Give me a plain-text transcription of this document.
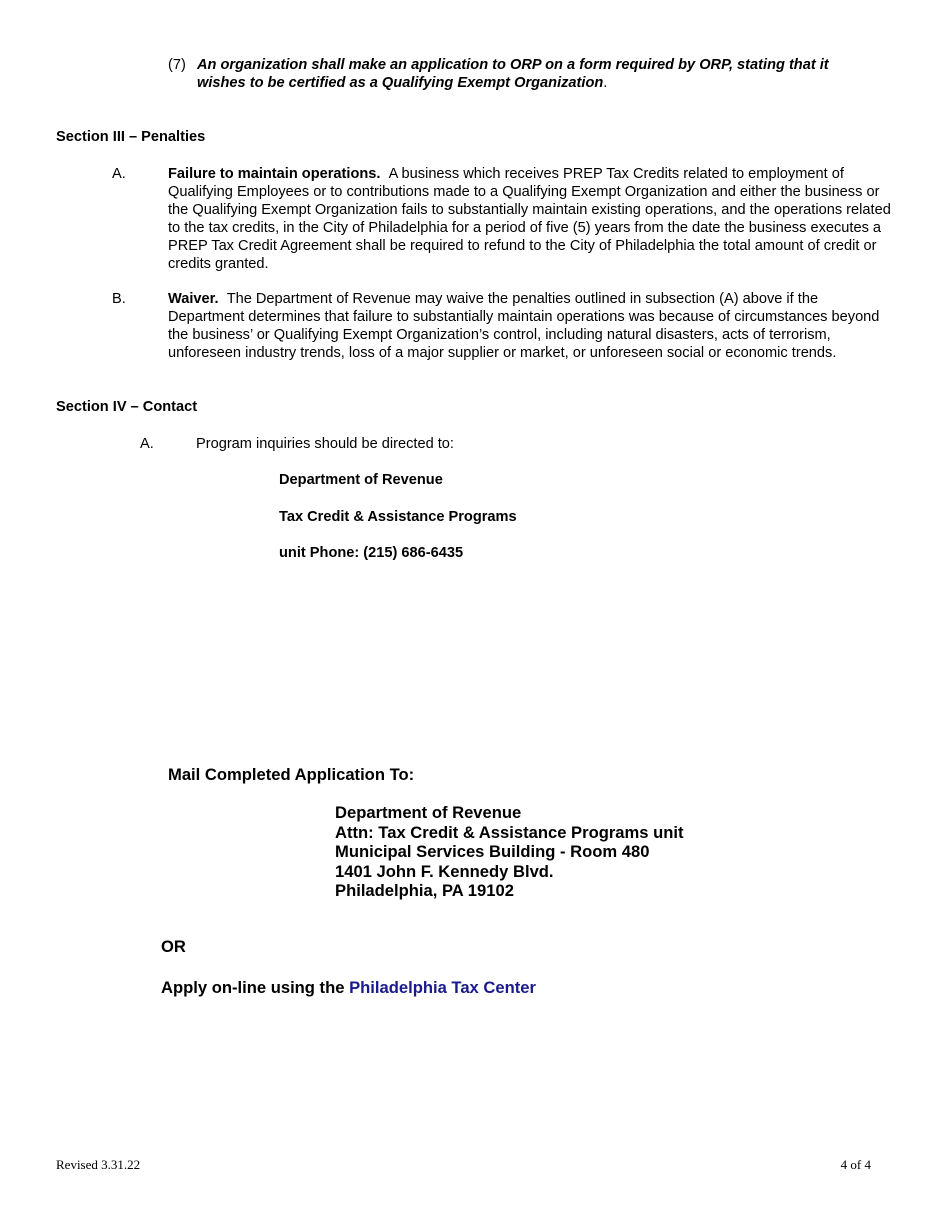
(7) An organization shall make an application to ORP on a form required by ORP, stating that it wishes to be certified as a Qualifying Exempt Organization.
Section III – Penalties
A.	Failure to maintain operations. A business which receives PREP Tax Credits related to employment of Qualifying Employees or to contributions made to a Qualifying Exempt Organization and either the business or the Qualifying Exempt Organization fails to substantially maintain existing operations, and the operations related to the tax credits, in the City of Philadelphia for a period of five (5) years from the date the business executes a PREP Tax Credit Agreement shall be required to refund to the City of Philadelphia the total amount of credit or credits granted.
B.	Waiver. The Department of Revenue may waive the penalties outlined in subsection (A) above if the Department determines that failure to substantially maintain operations was because of circumstances beyond the business’ or Qualifying Exempt Organization’s control, including natural disasters, acts of terrorism, unforeseen industry trends, loss of a major supplier or market, or unforeseen social or economic trends.
Section IV – Contact
A.	Program inquiries should be directed to:
Department of Revenue
Tax Credit & Assistance Programs
unit Phone: (215) 686-6435
Mail Completed Application To:
Department of Revenue
Attn: Tax Credit & Assistance Programs unit
Municipal Services Building - Room 480
1401 John F. Kennedy Blvd.
Philadelphia, PA 19102
OR
Apply on-line using the Philadelphia Tax Center
Revised 3.31.22	4 of 4
